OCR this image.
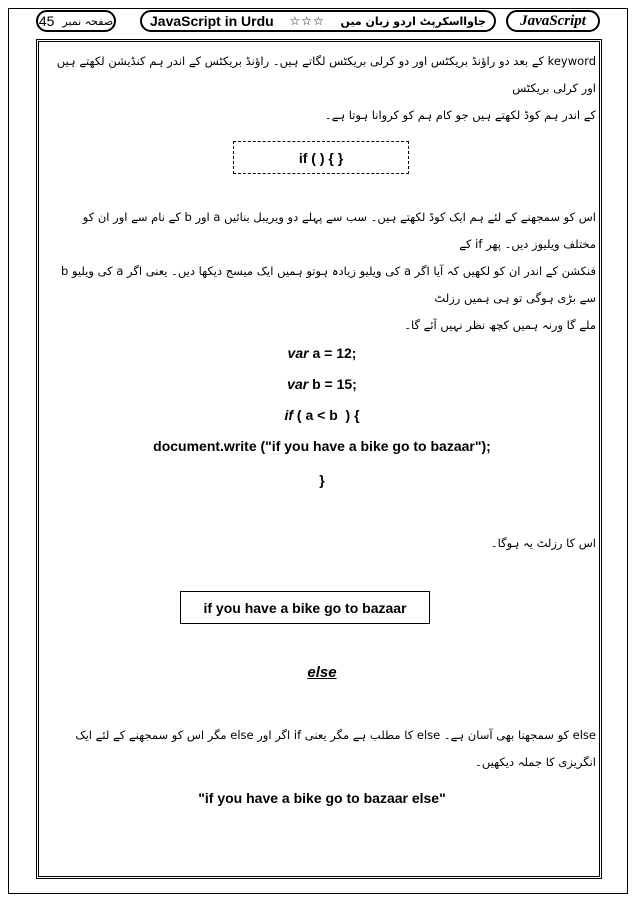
45 صفحہ نمبر	JavaScript in Urdu ☆☆☆ جاوااسکرپٹ اردو زبان میں JavaScript
keyword کے بعد دو راؤنڈ بریکٹس اور دو کرلی بریکٹس لگاتے ہیں۔ راؤنڈ بریکٹس کے اندر ہم کنڈیشن لکھتے ہیں اور کرلی بریکٹس
کے اندر ہم کوڈ لکھتے ہیں جو کام ہم کو کروانا ہوتا ہے۔
if ( ) { }
اس کو سمجھنے کے لئے ہم ایک کوڈ لکھتے ہیں۔ سب سے پہلے دو ویریبل بنائیں a اور b کے نام سے اور ان کو مختلف ویلیوز دیں۔ پھر if کے
فنکشن کے اندر ان کو لکھیں کہ آیا اگر a کی ویلیو زیادہ ہوتو ہمیں ایک میسج دیکھا دیں۔ یعنی اگر a کی ویلیو b سے بڑی ہوگی تو ہی ہمیں رزلٹ
ملے گا ورنہ ہمیں کچھ نظر نہیں آئے گا۔
var a = 12;
var b = 15;
if ( a < b  ) {
document.write ("if you have a bike go to bazaar");
}
اس کا رزلٹ یہ ہوگا۔
if you have a bike go to bazaar
else
else کو سمجھنا بھی آسان ہے۔ else کا مطلب ہے مگر یعنی if اگر اور else مگر اس کو سمجھنے کے لئے ایک انگریزی کا جملہ دیکھیں۔
"if you have a bike go to bazaar else"
